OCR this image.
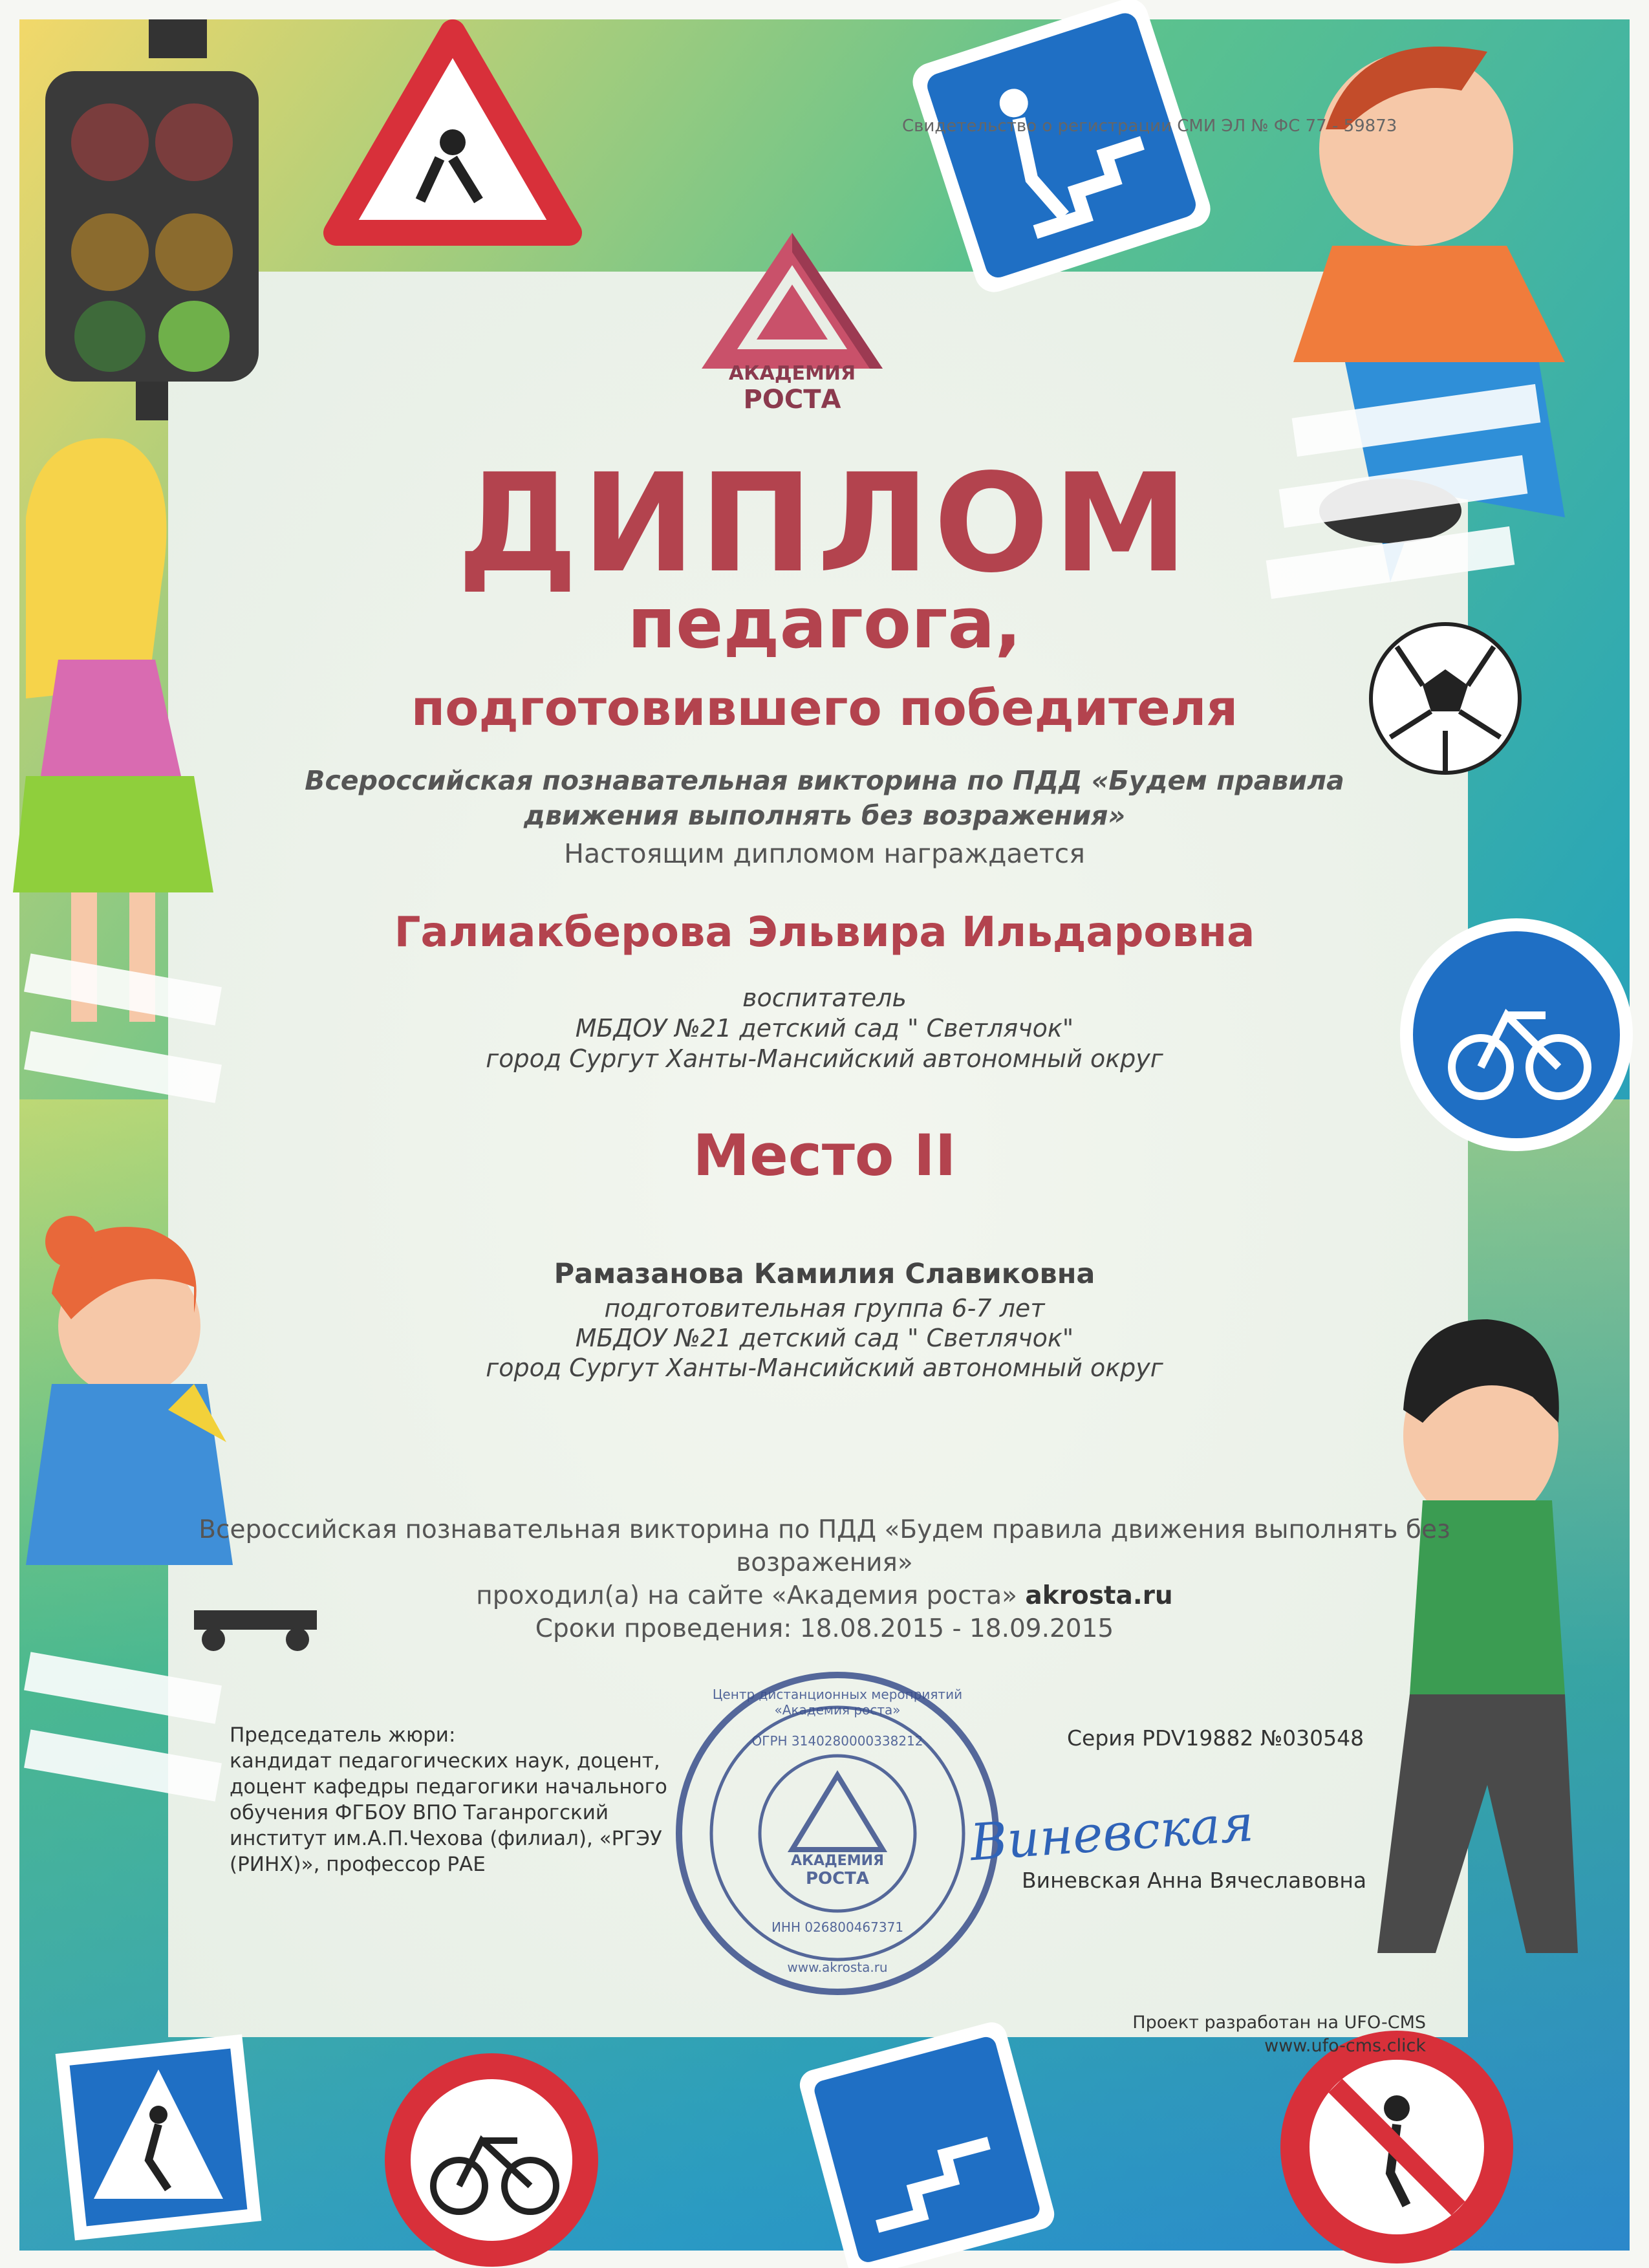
Свидетельство о регистрации СМИ ЭЛ № ФС 77 - 59873
АКАДЕМИЯ
РОСТА
ДИПЛОМ
педагога,
подготовившего победителя
Всероссийская познавательная викторина по ПДД «Будем правила
движения выполнять без возражения»
Настоящим дипломом награждается
Галиакберова Эльвира Ильдаровна
воспитатель
МБДОУ №21 детский сад " Светлячок"
город Сургут Ханты-Мансийский автономный округ
Место II
Рамазанова Камилия Славиковна
подготовительная группа 6-7 лет
МБДОУ №21 детский сад " Светлячок"
город Сургут Ханты-Мансийский автономный округ
Всероссийская познавательная викторина по ПДД «Будем правила движения выполнять без
возражения»
проходил(а) на сайте «Академия роста» akrosta.ru
Сроки проведения: 18.08.2015 - 18.09.2015
Председатель жюри:
кандидат педагогических наук, доцент,
доцент кафедры педагогики начального
обучения ФГБОУ ВПО Таганрогский
институт им.А.П.Чехова (филиал), «РГЭУ
(РИНХ)», профессор РАЕ
Центр дистанционных мероприятий «Академия роста»
ОГРН 3140280000338212
АКАДЕМИЯ
РОСТА
ИНН 026800467371
www.akrosta.ru
Серия PDV19882 №030548
Виневская
Виневская Анна Вячеславовна
Проект разработан на UFO-CMS
www.ufo-cms.click
